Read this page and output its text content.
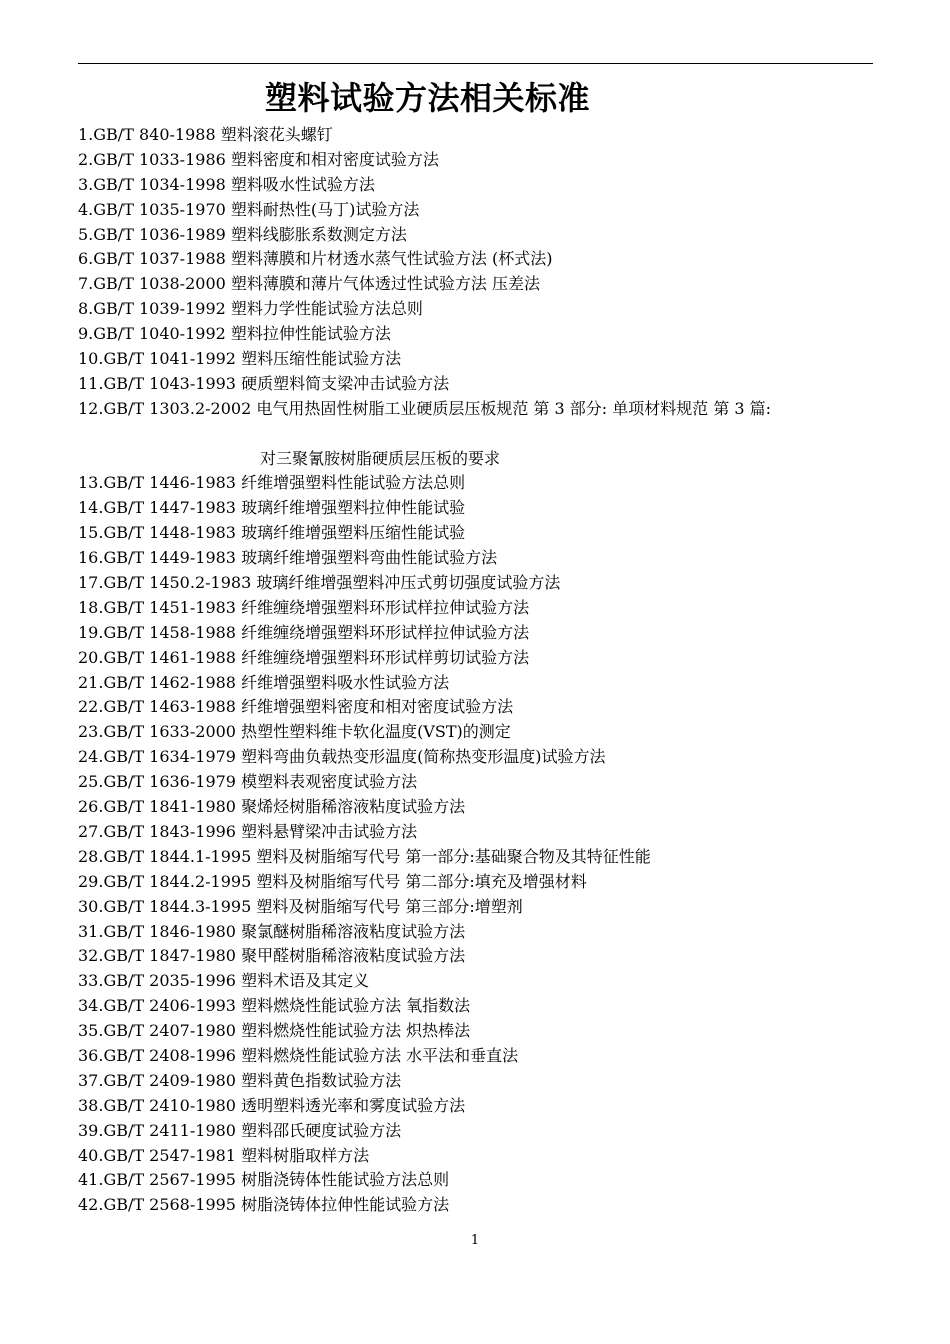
塑料试验方法相关标准
1.GB/T 840-1988 塑料滚花头螺钉
2.GB/T 1033-1986 塑料密度和相对密度试验方法
3.GB/T 1034-1998 塑料吸水性试验方法
4.GB/T 1035-1970 塑料耐热性(马丁)试验方法
5.GB/T 1036-1989 塑料线膨胀系数测定方法
6.GB/T 1037-1988 塑料薄膜和片材透水蒸气性试验方法 (杯式法)
7.GB/T 1038-2000 塑料薄膜和薄片气体透过性试验方法 压差法
8.GB/T 1039-1992 塑料力学性能试验方法总则
9.GB/T 1040-1992 塑料拉伸性能试验方法
10.GB/T 1041-1992 塑料压缩性能试验方法
11.GB/T 1043-1993 硬质塑料简支梁冲击试验方法
12.GB/T 1303.2-2002 电气用热固性树脂工业硬质层压板规范 第 3 部分: 单项材料规范 第 3 篇:
对三聚氰胺树脂硬质层压板的要求
13.GB/T 1446-1983 纤维增强塑料性能试验方法总则
14.GB/T 1447-1983 玻璃纤维增强塑料拉伸性能试验
15.GB/T 1448-1983 玻璃纤维增强塑料压缩性能试验
16.GB/T 1449-1983 玻璃纤维增强塑料弯曲性能试验方法
17.GB/T 1450.2-1983 玻璃纤维增强塑料冲压式剪切强度试验方法
18.GB/T 1451-1983 纤维缠绕增强塑料环形试样拉伸试验方法
19.GB/T 1458-1988 纤维缠绕增强塑料环形试样拉伸试验方法
20.GB/T 1461-1988 纤维缠绕增强塑料环形试样剪切试验方法
21.GB/T 1462-1988 纤维增强塑料吸水性试验方法
22.GB/T 1463-1988 纤维增强塑料密度和相对密度试验方法
23.GB/T 1633-2000 热塑性塑料维卡软化温度(VST)的测定
24.GB/T 1634-1979 塑料弯曲负载热变形温度(简称热变形温度)试验方法
25.GB/T 1636-1979 模塑料表观密度试验方法
26.GB/T 1841-1980 聚烯烃树脂稀溶液粘度试验方法
27.GB/T 1843-1996 塑料悬臂梁冲击试验方法
28.GB/T 1844.1-1995 塑料及树脂缩写代号 第一部分:基础聚合物及其特征性能
29.GB/T 1844.2-1995 塑料及树脂缩写代号 第二部分:填充及增强材料
30.GB/T 1844.3-1995 塑料及树脂缩写代号 第三部分:增塑剂
31.GB/T 1846-1980 聚氯醚树脂稀溶液粘度试验方法
32.GB/T 1847-1980 聚甲醛树脂稀溶液粘度试验方法
33.GB/T 2035-1996 塑料术语及其定义
34.GB/T 2406-1993 塑料燃烧性能试验方法 氧指数法
35.GB/T 2407-1980 塑料燃烧性能试验方法 炽热棒法
36.GB/T 2408-1996 塑料燃烧性能试验方法 水平法和垂直法
37.GB/T 2409-1980 塑料黄色指数试验方法
38.GB/T 2410-1980 透明塑料透光率和雾度试验方法
39.GB/T 2411-1980 塑料邵氏硬度试验方法
40.GB/T 2547-1981 塑料树脂取样方法
41.GB/T 2567-1995 树脂浇铸体性能试验方法总则
42.GB/T 2568-1995 树脂浇铸体拉伸性能试验方法
1
